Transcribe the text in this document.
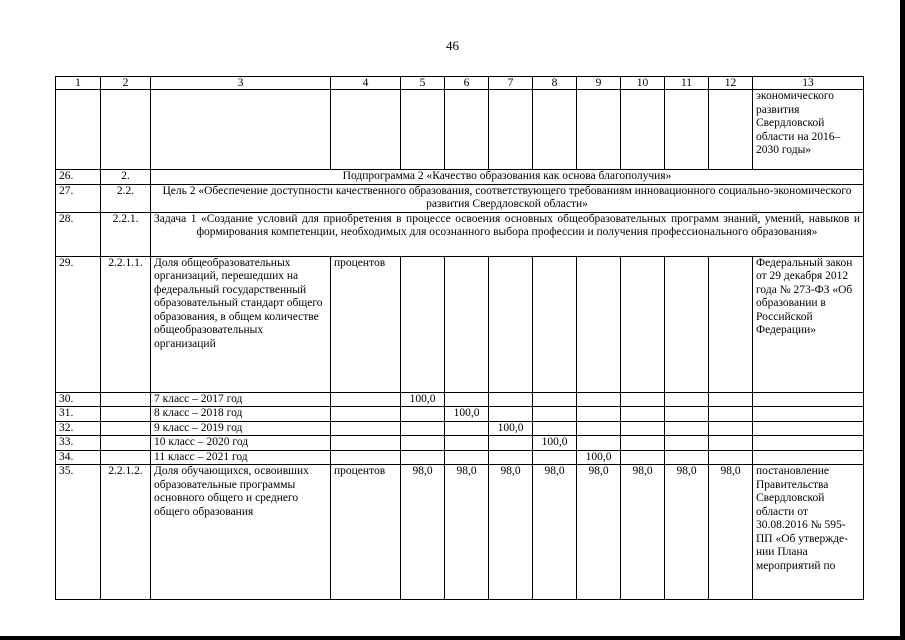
46
1	2	3	4	5	6	7	8	9	10	11	12	13
												экономического развития Свердловской области на 2016–2030 годы»
26.	2.	Подпрограмма 2 «Качество образования как основа благополучия»										
27.	2.2.	Цель 2 «Обеспечение доступности качественного образования, соответствующего требованиям инновационного социально-экономического развития Свердловской области»										
28.	2.2.1.	Задача 1 «Создание условий для приобретения в процессе освоения основных общеобразовательных программ знаний, умений, навыков и формирования компетенции, необходимых для осознанного выбора профессии и получения профессионального образования»										
29.	2.2.1.1.	Доля общеобразовательных организаций, перешедших на федеральный государственный образовательный стандарт общего образования, в общем количестве общеобразовательных организаций	процентов									Федеральный закон от 29 декабря 2012 года № 273-ФЗ «Об образовании в Российской Федерации»
30.		7 класс – 2017 год		100,0								
31.		8 класс – 2018 год			100,0							
32.		9 класс – 2019 год				100,0						
33.		10 класс – 2020 год					100,0					
34.		11 класс – 2021 год						100,0				
35.	2.2.1.2.	Доля обучающихся, освоивших образовательные программы основного общего и среднего общего образования	процентов	98,0	98,0	98,0	98,0	98,0	98,0	98,0	98,0	постановление Правительства Свердловской области от 30.08.2016 № 595-ПП «Об утвержде-нии Плана мероприятий по
